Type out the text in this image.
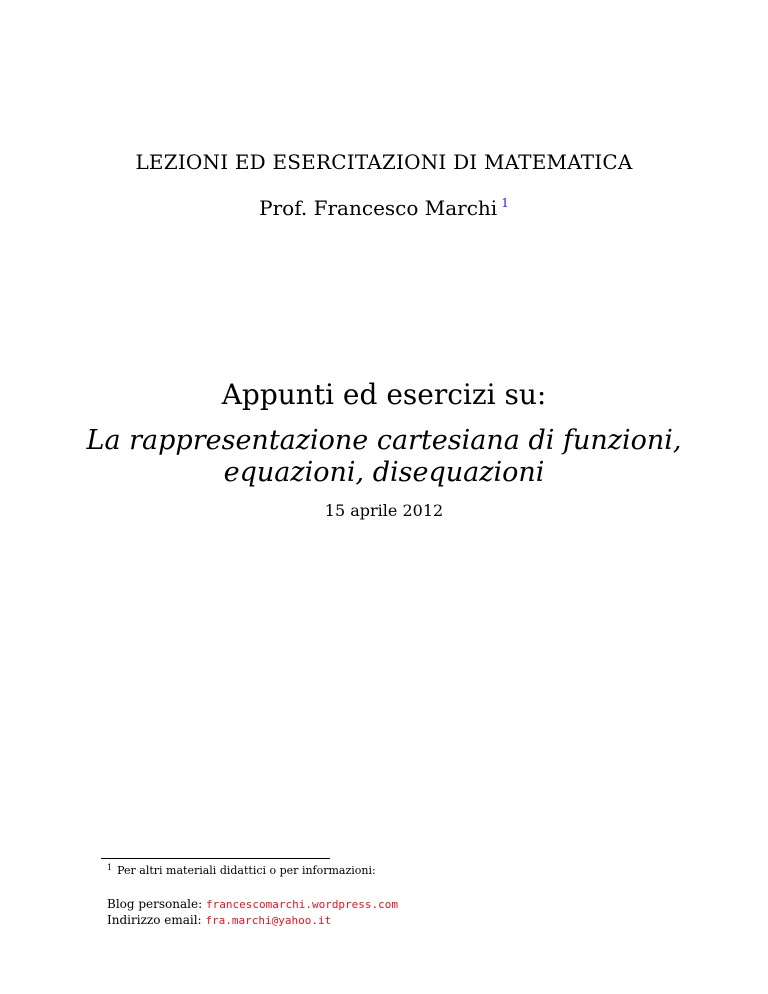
LEZIONI ED ESERCITAZIONI DI MATEMATICA
Prof. Francesco Marchi $^1$
Appunti ed esercizi su:
La rappresentazione cartesiana di funzioni,
equazioni, disequazioni
15 aprile 2012
$^1$ Per altri materiali didattici o per informazioni:
Blog personale: francescomarchi.wordpress.com
Indirizzo email: fra.marchi@yahoo.it
